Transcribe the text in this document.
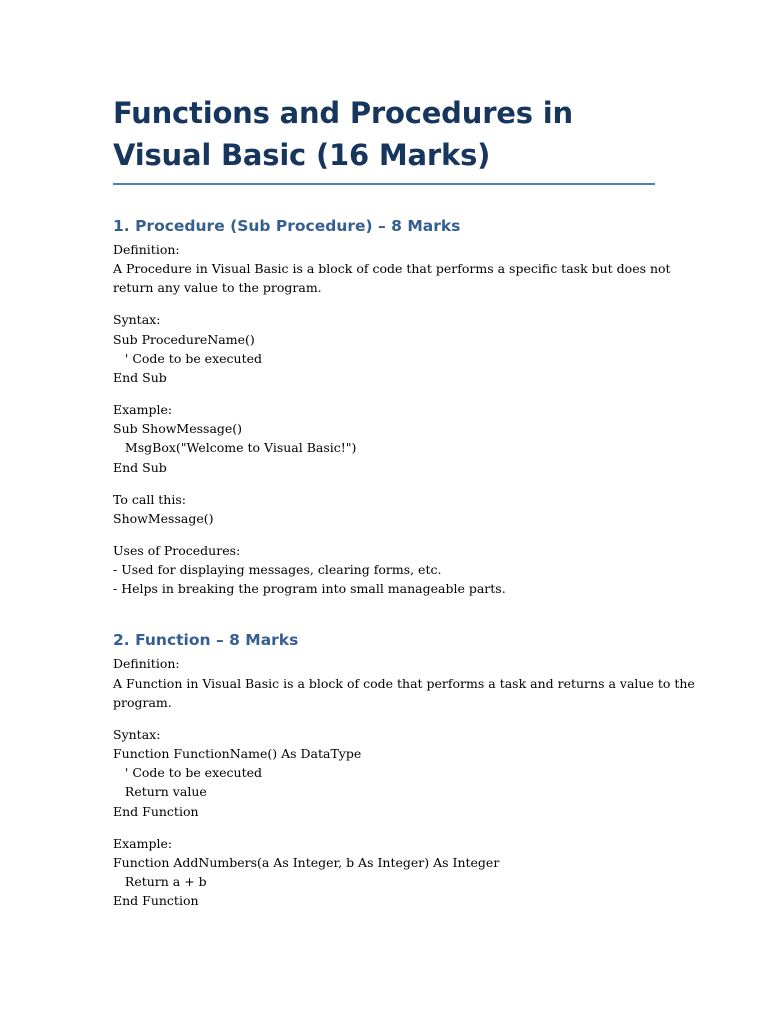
Functions and Procedures in Visual Basic (16 Marks)
1. Procedure (Sub Procedure) – 8 Marks

Definition:

A Procedure in Visual Basic is a block of code that performs a specific task but does not

return any value to the program.

Syntax:

Sub ProcedureName()

' Code to be executed

End Sub

Example:

Sub ShowMessage()

MsgBox("Welcome to Visual Basic!")

End Sub

To call this:

ShowMessage()

Uses of Procedures:

- Used for displaying messages, clearing forms, etc.

- Helps in breaking the program into small manageable parts.

2. Function – 8 Marks

Definition:

A Function in Visual Basic is a block of code that performs a task and returns a value to the

program.

Syntax:

Function FunctionName() As DataType

' Code to be executed

Return value

End Function

Example:

Function AddNumbers(a As Integer, b As Integer) As Integer

Return a + b

End Function
